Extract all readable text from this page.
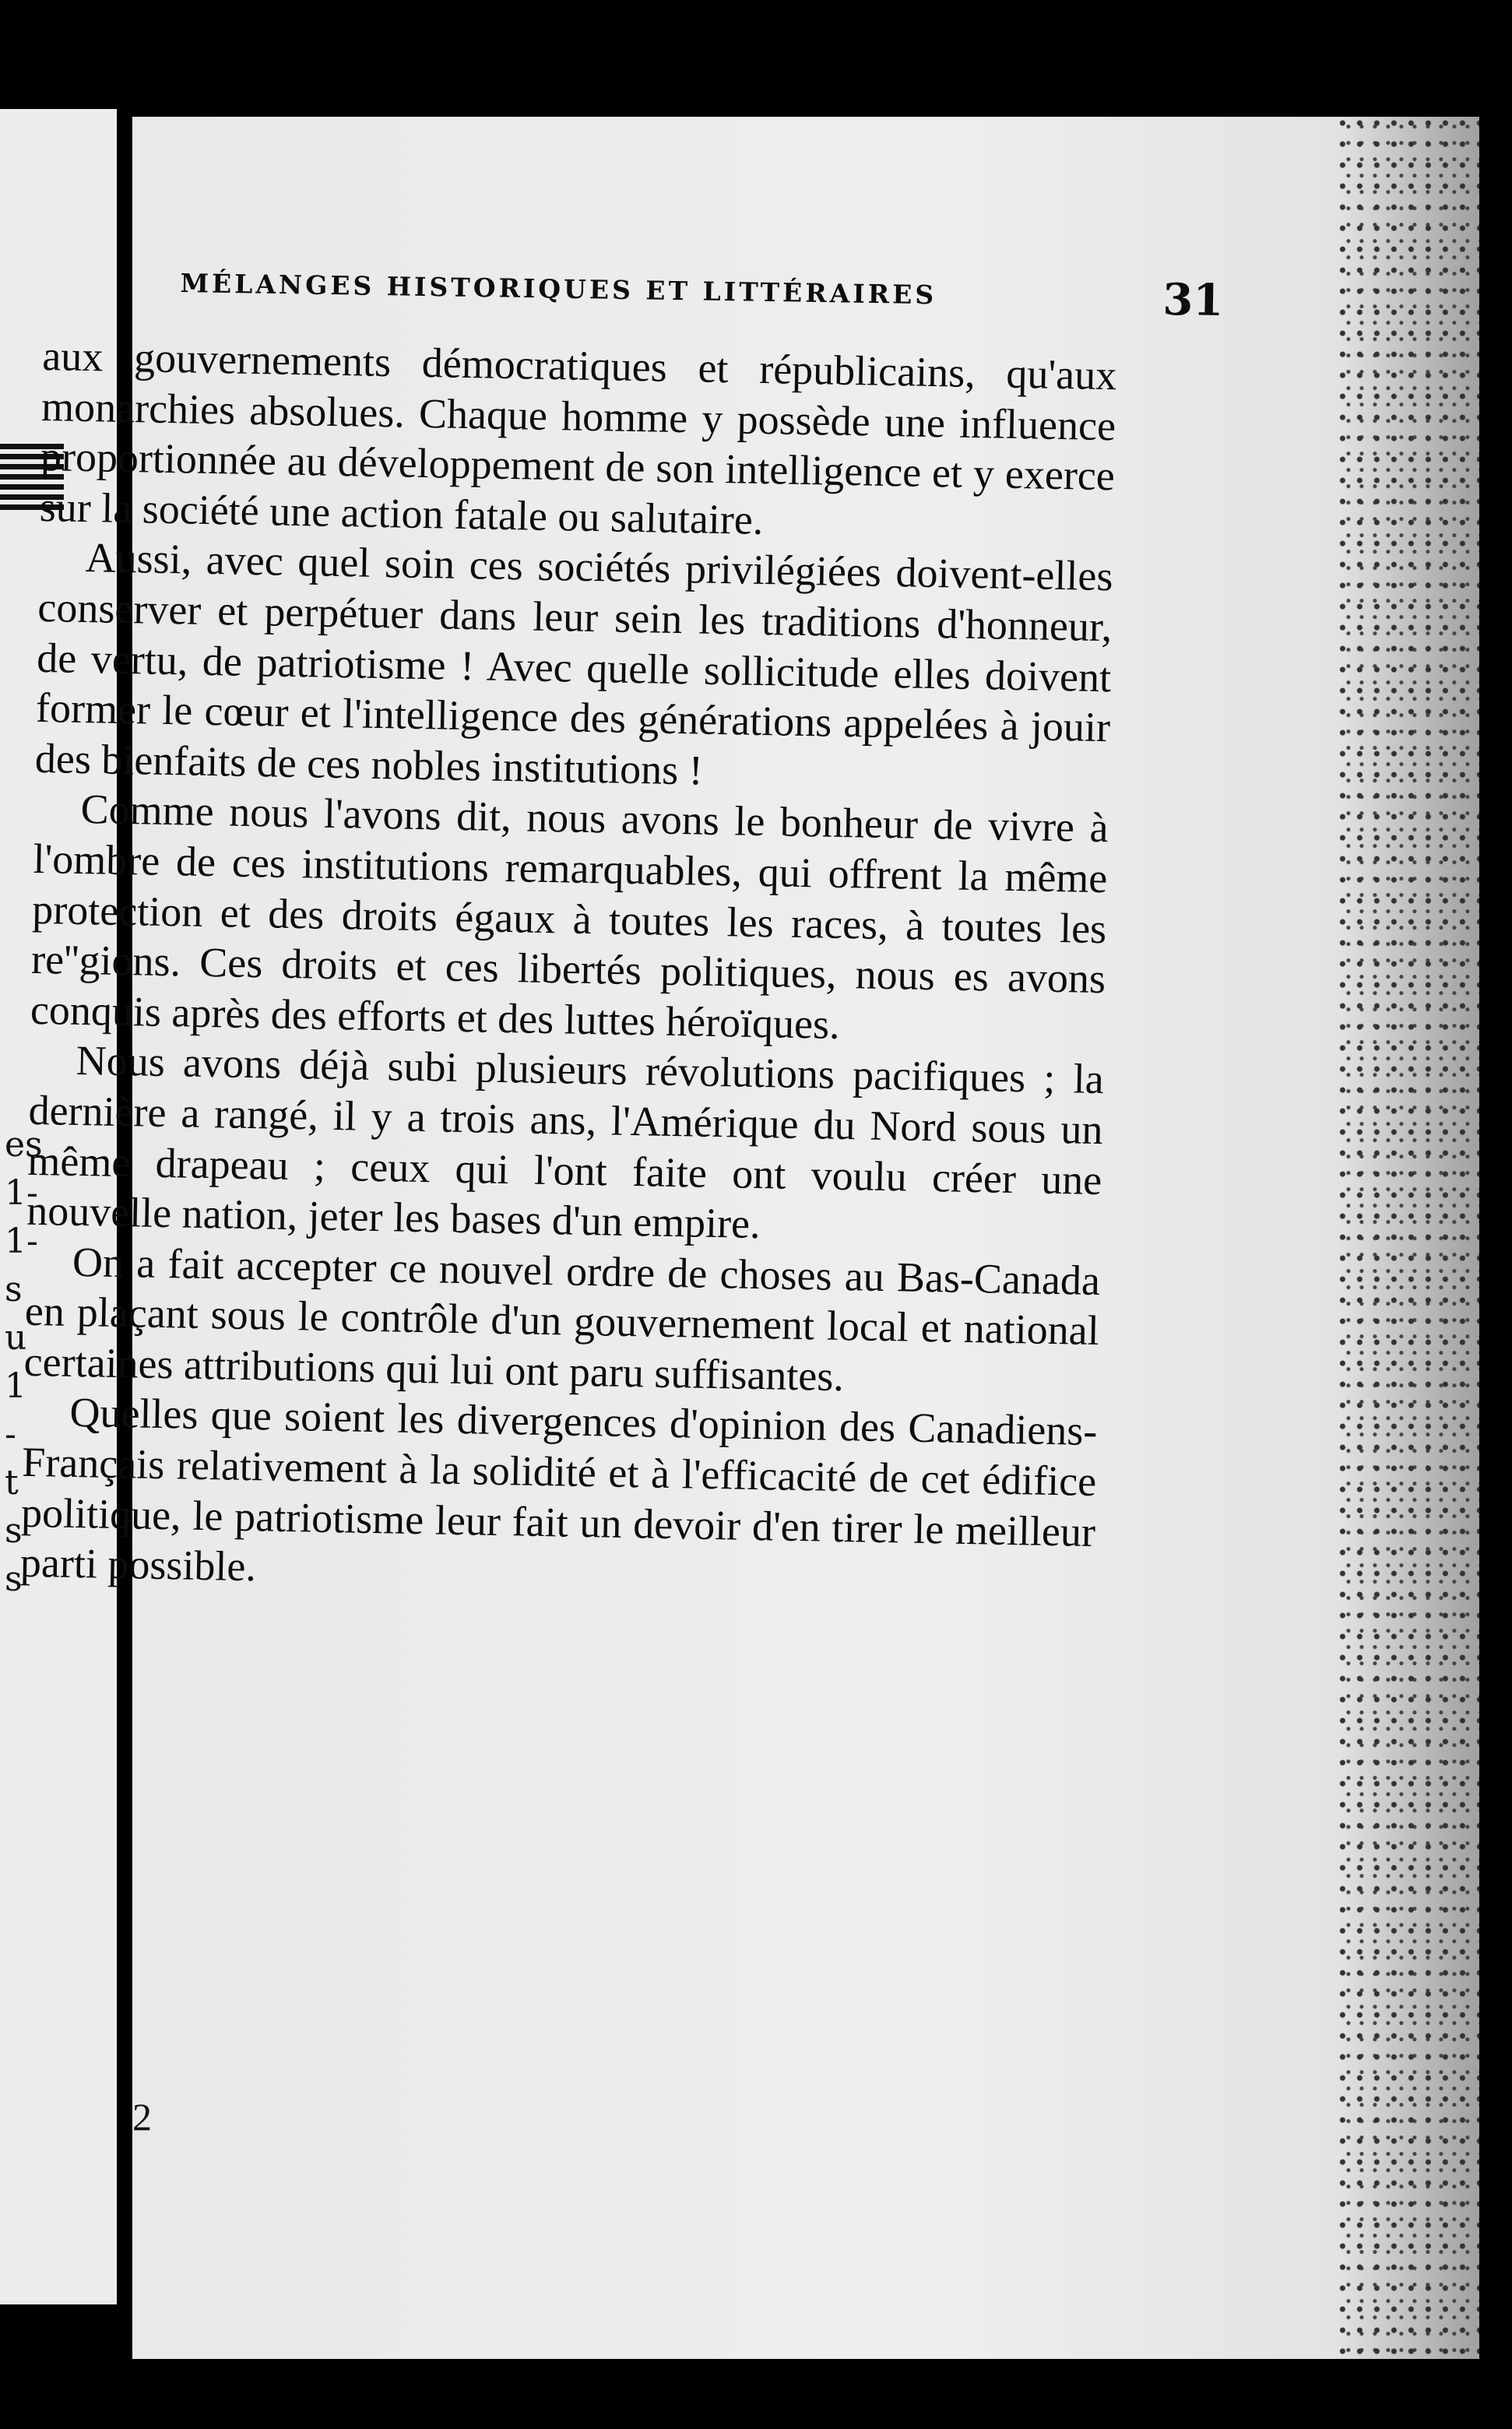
es
1-
1-
s
u
1
-
t
s
s
MÉLANGES HISTORIQUES ET LITTÉRAIRES	31

aux gouvernements démocratiques et républicains, qu'aux monarchies absolues. Chaque homme y possède une influence proportionnée au développement de son intelligence et y exerce sur la société une action fatale ou salutaire.

Aussi, avec quel soin ces sociétés privilégiées doivent-elles conserver et perpétuer dans leur sein les traditions d'honneur, de vertu, de patriotisme ! Avec quelle sollicitude elles doivent former le cœur et l'intelligence des générations appelées à jouir des bienfaits de ces nobles institutions !

Comme nous l'avons dit, nous avons le bonheur de vivre à l'ombre de ces institutions remarquables, qui offrent la même protection et des droits égaux à toutes les races, à toutes les re''gions. Ces droits et ces libertés politiques, nous es avons conquis après des efforts et des luttes héroïques.

Nous avons déjà subi plusieurs révolutions pacifiques ; la dernière a rangé, il y a trois ans, l'Amérique du Nord sous un même drapeau ; ceux qui l'ont faite ont voulu créer une nouvelle nation, jeter les bases d'un empire.

On a fait accepter ce nouvel ordre de choses au Bas-Canada en plaçant sous le contrôle d'un gouvernement local et national certaines attributions qui lui ont paru suffisantes.

Quelles que soient les divergences d'opinion des Canadiens-Français relativement à la solidité et à l'efficacité de cet édifice politique, le patriotisme leur fait un devoir d'en tirer le meilleur parti possible.

2
